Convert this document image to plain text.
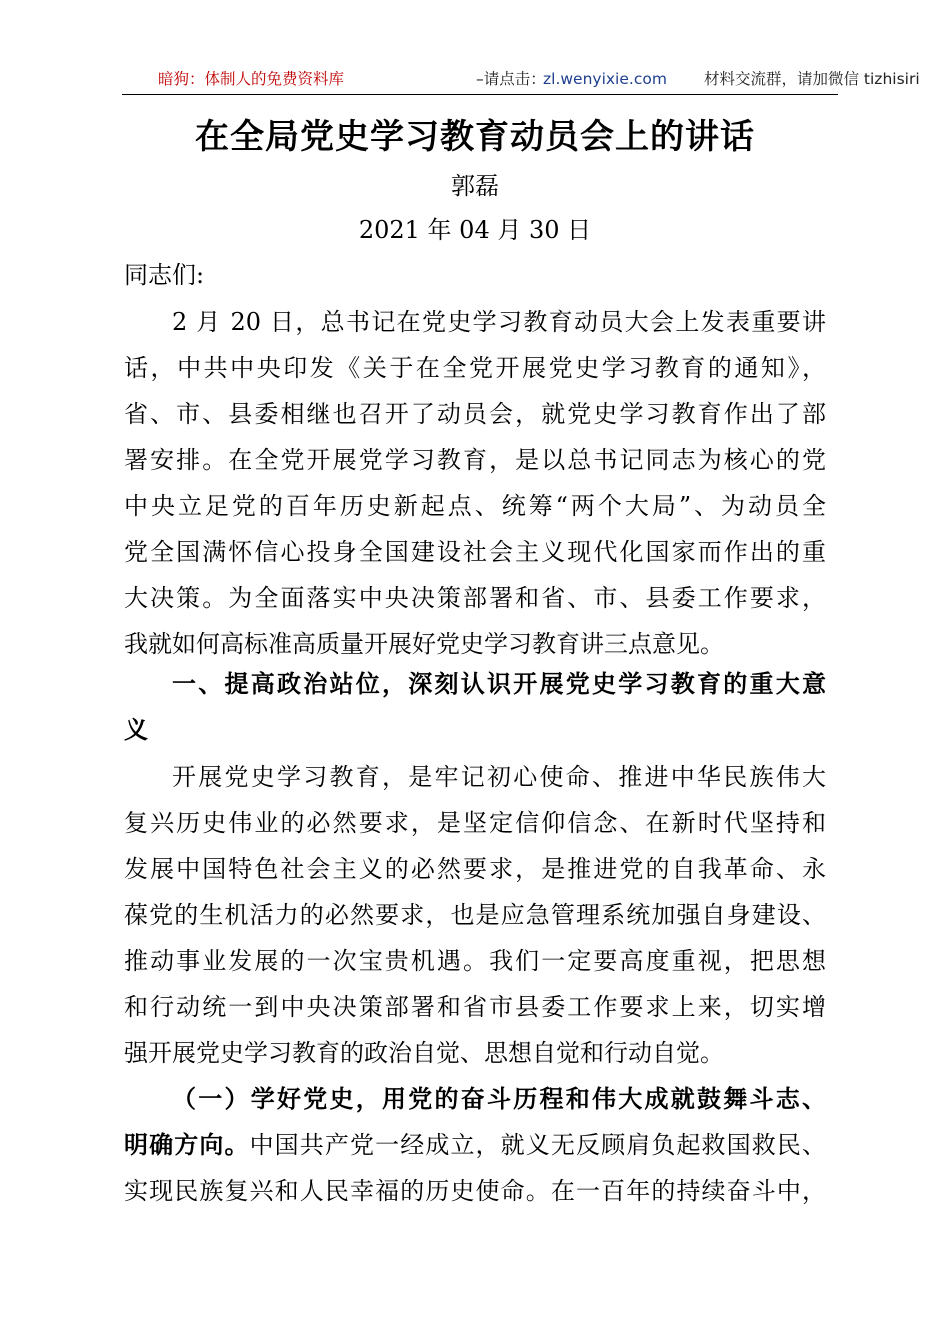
暗狗：体制人的免费资料库	–请点击：
zl.wenyixie.com 材料交流群，请加微信 tizhisiri
在全局党史学习教育动员会上的讲话
郭磊
2021 年 04 月 30 日
同志们:
2 月 20 日，总书记在党史学习教育动员大会上发表重要讲
话，中共中央印发《关于在全党开展党史学习教育的通知》，
省、市、县委相继也召开了动员会，就党史学习教育作出了部
署安排。在全党开展党学习教育，是以总书记同志为核心的党
中央立足党的百年历史新起点、统筹“两个大局”、为动员全
党全国满怀信心投身全国建设社会主义现代化国家而作出的重
大决策。为全面落实中央决策部署和省、市、县委工作要求，
我就如何高标准高质量开展好党史学习教育讲三点意见。
一、提高政治站位，深刻认识开展党史学习教育的重大意
义
开展党史学习教育，是牢记初心使命、推进中华民族伟大
复兴历史伟业的必然要求，是坚定信仰信念、在新时代坚持和
发展中国特色社会主义的必然要求，是推进党的自我革命、永
葆党的生机活力的必然要求，也是应急管理系统加强自身建设、
推动事业发展的一次宝贵机遇。我们一定要高度重视，把思想
和行动统一到中央决策部署和省市县委工作要求上来，切实增
强开展党史学习教育的政治自觉、思想自觉和行动自觉。
（一）学好党史，用党的奋斗历程和伟大成就鼓舞斗志、
明确方向。中国共产党一经成立，就义无反顾肩负起救国救民、
实现民族复兴和人民幸福的历史使命。在一百年的持续奋斗中，
